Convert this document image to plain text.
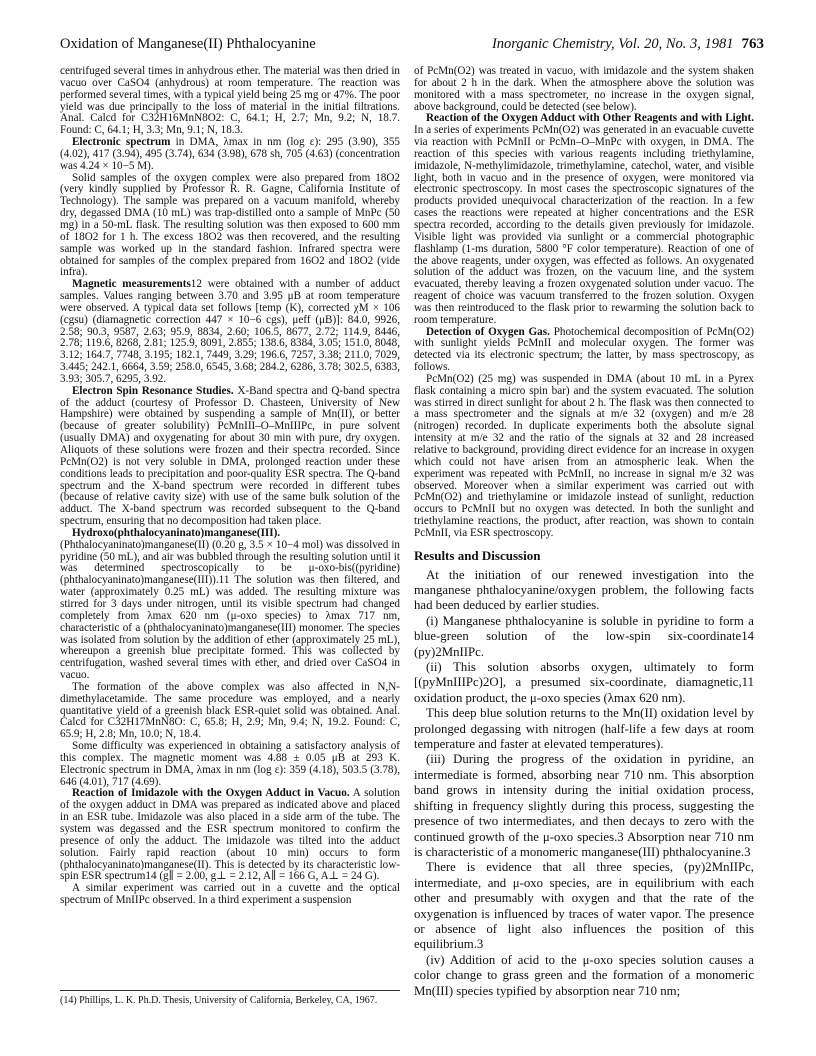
Oxidation of Manganese(II) Phthalocyanine	Inorganic Chemistry, Vol. 20, No. 3, 1981 763

centrifuged several times in anhydrous ether. The material was then dried in vacuo over CaSO4 (anhydrous) at room temperature. The reaction was performed several times, with a typical yield being 25 mg or 47%. The poor yield was due principally to the loss of material in the initial filtrations. Anal. Calcd for C32H16MnN8O2: C, 64.1; H, 2.7; Mn, 9.2; N, 18.7. Found: C, 64.1; H, 3.3; Mn, 9.1; N, 18.3.

Electronic spectrum in DMA, λmax in nm (log ε): 295 (3.90), 355 (4.02), 417 (3.94), 495 (3.74), 634 (3.98), 678 sh, 705 (4.63) (concentration was 4.24 × 10−5 M).

Solid samples of the oxygen complex were also prepared from 18O2 (very kindly supplied by Professor R. R. Gagne, California Institute of Technology). The sample was prepared on a vacuum manifold, whereby dry, degassed DMA (10 mL) was trap-distilled onto a sample of MnPc (50 mg) in a 50-mL flask. The resulting solution was then exposed to 600 mm of 18O2 for 1 h. The excess 18O2 was then recovered, and the resulting sample was worked up in the standard fashion. Infrared spectra were obtained for samples of the complex prepared from 16O2 and 18O2 (vide infra).

Magnetic measurements12 were obtained with a number of adduct samples. Values ranging between 3.70 and 3.95 μB at room temperature were observed. A typical data set follows [temp (K), corrected χM × 106 (cgsu) (diamagnetic correction 447 × 10−6 cgs), μeff (μB)]: 84.0, 9926, 2.58; 90.3, 9587, 2.63; 95.9, 8834, 2.60; 106.5, 8677, 2.72; 114.9, 8446, 2.78; 119.6, 8268, 2.81; 125.9, 8091, 2.855; 138.6, 8384, 3.05; 151.0, 8048, 3.12; 164.7, 7748, 3.195; 182.1, 7449, 3.29; 196.6, 7257, 3.38; 211.0, 7029, 3.445; 242.1, 6664, 3.59; 258.0, 6545, 3.68; 284.2, 6286, 3.78; 302.5, 6383, 3.93; 305.7, 6295, 3.92.

Electron Spin Resonance Studies. X-Band spectra and Q-band spectra of the adduct (courtesy of Professor D. Chasteen, University of New Hampshire) were obtained by suspending a sample of Mn(II), or better (because of greater solubility) PcMnIII–O–MnIIIPc, in pure solvent (usually DMA) and oxygenating for about 30 min with pure, dry oxygen. Aliquots of these solutions were frozen and their spectra recorded. Since PcMn(O2) is not very soluble in DMA, prolonged reaction under these conditions leads to precipitation and poor-quality ESR spectra. The Q-band spectrum and the X-band spectrum were recorded in different tubes (because of relative cavity size) with use of the same bulk solution of the adduct. The X-band spectrum was recorded subsequent to the Q-band spectrum, ensuring that no decomposition had taken place.

Hydroxo(phthalocyaninato)manganese(III). (Phthalocyaninato)manganese(II) (0.20 g, 3.5 × 10−4 mol) was dissolved in pyridine (50 mL), and air was bubbled through the resulting solution until it was determined spectroscopically to be μ-oxo-bis((pyridine)(phthalocyaninato)manganese(III)).11 The solution was then filtered, and water (approximately 0.25 mL) was added. The resulting mixture was stirred for 3 days under nitrogen, until its visible spectrum had changed completely from λmax 620 nm (μ-oxo species) to λmax 717 nm, characteristic of a (phthalocyaninato)manganese(III) monomer. The species was isolated from solution by the addition of ether (approximately 25 mL), whereupon a greenish blue precipitate formed. This was collected by centrifugation, washed several times with ether, and dried over CaSO4 in vacuo.

The formation of the above complex was also affected in N,N-dimethylacetamide. The same procedure was employed, and a nearly quantitative yield of a greenish black ESR-quiet solid was obtained. Anal. Calcd for C32H17MnN8O: C, 65.8; H, 2.9; Mn, 9.4; N, 19.2. Found: C, 65.9; H, 2.8; Mn, 10.0; N, 18.4.

Some difficulty was experienced in obtaining a satisfactory analysis of this complex. The magnetic moment was 4.88 ± 0.05 μB at 293 K. Electronic spectrum in DMA, λmax in nm (log ε): 359 (4.18), 503.5 (3.78), 646 (4.01), 717 (4.69).

Reaction of Imidazole with the Oxygen Adduct in Vacuo. A solution of the oxygen adduct in DMA was prepared as indicated above and placed in an ESR tube. Imidazole was also placed in a side arm of the tube. The system was degassed and the ESR spectrum monitored to confirm the presence of only the adduct. The imidazole was tilted into the adduct solution. Fairly rapid reaction (about 10 min) occurs to form (phthalocyaninato)manganese(II). This is detected by its characteristic low-spin ESR spectrum14 (g∥ = 2.00, g⊥ = 2.12, A∥ = 166 G, A⊥ = 24 G).

A similar experiment was carried out in a cuvette and the optical spectrum of MnIIPc observed. In a third experiment a suspension

of PcMn(O2) was treated in vacuo, with imidazole and the system shaken for about 2 h in the dark. When the atmosphere above the solution was monitored with a mass spectrometer, no increase in the oxygen signal, above background, could be detected (see below).

Reaction of the Oxygen Adduct with Other Reagents and with Light. In a series of experiments PcMn(O2) was generated in an evacuable cuvette via reaction with PcMnII or PcMn–O–MnPc with oxygen, in DMA. The reaction of this species with various reagents including triethylamine, imidazole, N-methylimidazole, trimethylamine, catechol, water, and visible light, both in vacuo and in the presence of oxygen, were monitored via electronic spectroscopy. In most cases the spectroscopic signatures of the products provided unequivocal characterization of the reaction. In a few cases the reactions were repeated at higher concentrations and the ESR spectra recorded, according to the details given previously for imidazole. Visible light was provided via sunlight or a commercial photographic flashlamp (1-ms duration, 5800 °F color temperature). Reaction of one of the above reagents, under oxygen, was effected as follows. An oxygenated solution of the adduct was frozen, on the vacuum line, and the system evacuated, thereby leaving a frozen oxygenated solution under vacuo. The reagent of choice was vacuum transferred to the frozen solution. Oxygen was then reintroduced to the flask prior to rewarming the solution back to room temperature.

Detection of Oxygen Gas. Photochemical decomposition of PcMn(O2) with sunlight yields PcMnII and molecular oxygen. The former was detected via its electronic spectrum; the latter, by mass spectroscopy, as follows.

PcMn(O2) (25 mg) was suspended in DMA (about 10 mL in a Pyrex flask containing a micro spin bar) and the system evacuated. The solution was stirred in direct sunlight for about 2 h. The flask was then connected to a mass spectrometer and the signals at m/e 32 (oxygen) and m/e 28 (nitrogen) recorded. In duplicate experiments both the absolute signal intensity at m/e 32 and the ratio of the signals at 32 and 28 increased relative to background, providing direct evidence for an increase in oxygen which could not have arisen from an atmospheric leak. When the experiment was repeated with PcMnII, no increase in signal m/e 32 was observed. Moreover when a similar experiment was carried out with PcMn(O2) and triethylamine or imidazole instead of sunlight, reduction occurs to PcMnII but no oxygen was detected. In both the sunlight and triethylamine reactions, the product, after reaction, was shown to contain PcMnII, via ESR spectroscopy.

Results and Discussion

At the initiation of our renewed investigation into the manganese phthalocyanine/oxygen problem, the following facts had been deduced by earlier studies.

(i) Manganese phthalocyanine is soluble in pyridine to form a blue-green solution of the low-spin six-coordinate14 (py)2MnIIPc.

(ii) This solution absorbs oxygen, ultimately to form [(pyMnIIIPc)2O], a presumed six-coordinate, diamagnetic,11 oxidation product, the μ-oxo species (λmax 620 nm).

This deep blue solution returns to the Mn(II) oxidation level by prolonged degassing with nitrogen (half-life a few days at room temperature and faster at elevated temperatures).

(iii) During the progress of the oxidation in pyridine, an intermediate is formed, absorbing near 710 nm. This absorption band grows in intensity during the initial oxidation process, shifting in frequency slightly during this process, suggesting the presence of two intermediates, and then decays to zero with the continued growth of the μ-oxo species.3 Absorption near 710 nm is characteristic of a monomeric manganese(III) phthalocyanine.3

There is evidence that all three species, (py)2MnIIPc, intermediate, and μ-oxo species, are in equilibrium with each other and presumably with oxygen and that the rate of the oxygenation is influenced by traces of water vapor. The presence or absence of light also influences the position of this equilibrium.3

(iv) Addition of acid to the μ-oxo species solution causes a color change to grass green and the formation of a monomeric Mn(III) species typified by absorption near 710 nm;

(14) Phillips, L. K. Ph.D. Thesis, University of California, Berkeley, CA, 1967.
